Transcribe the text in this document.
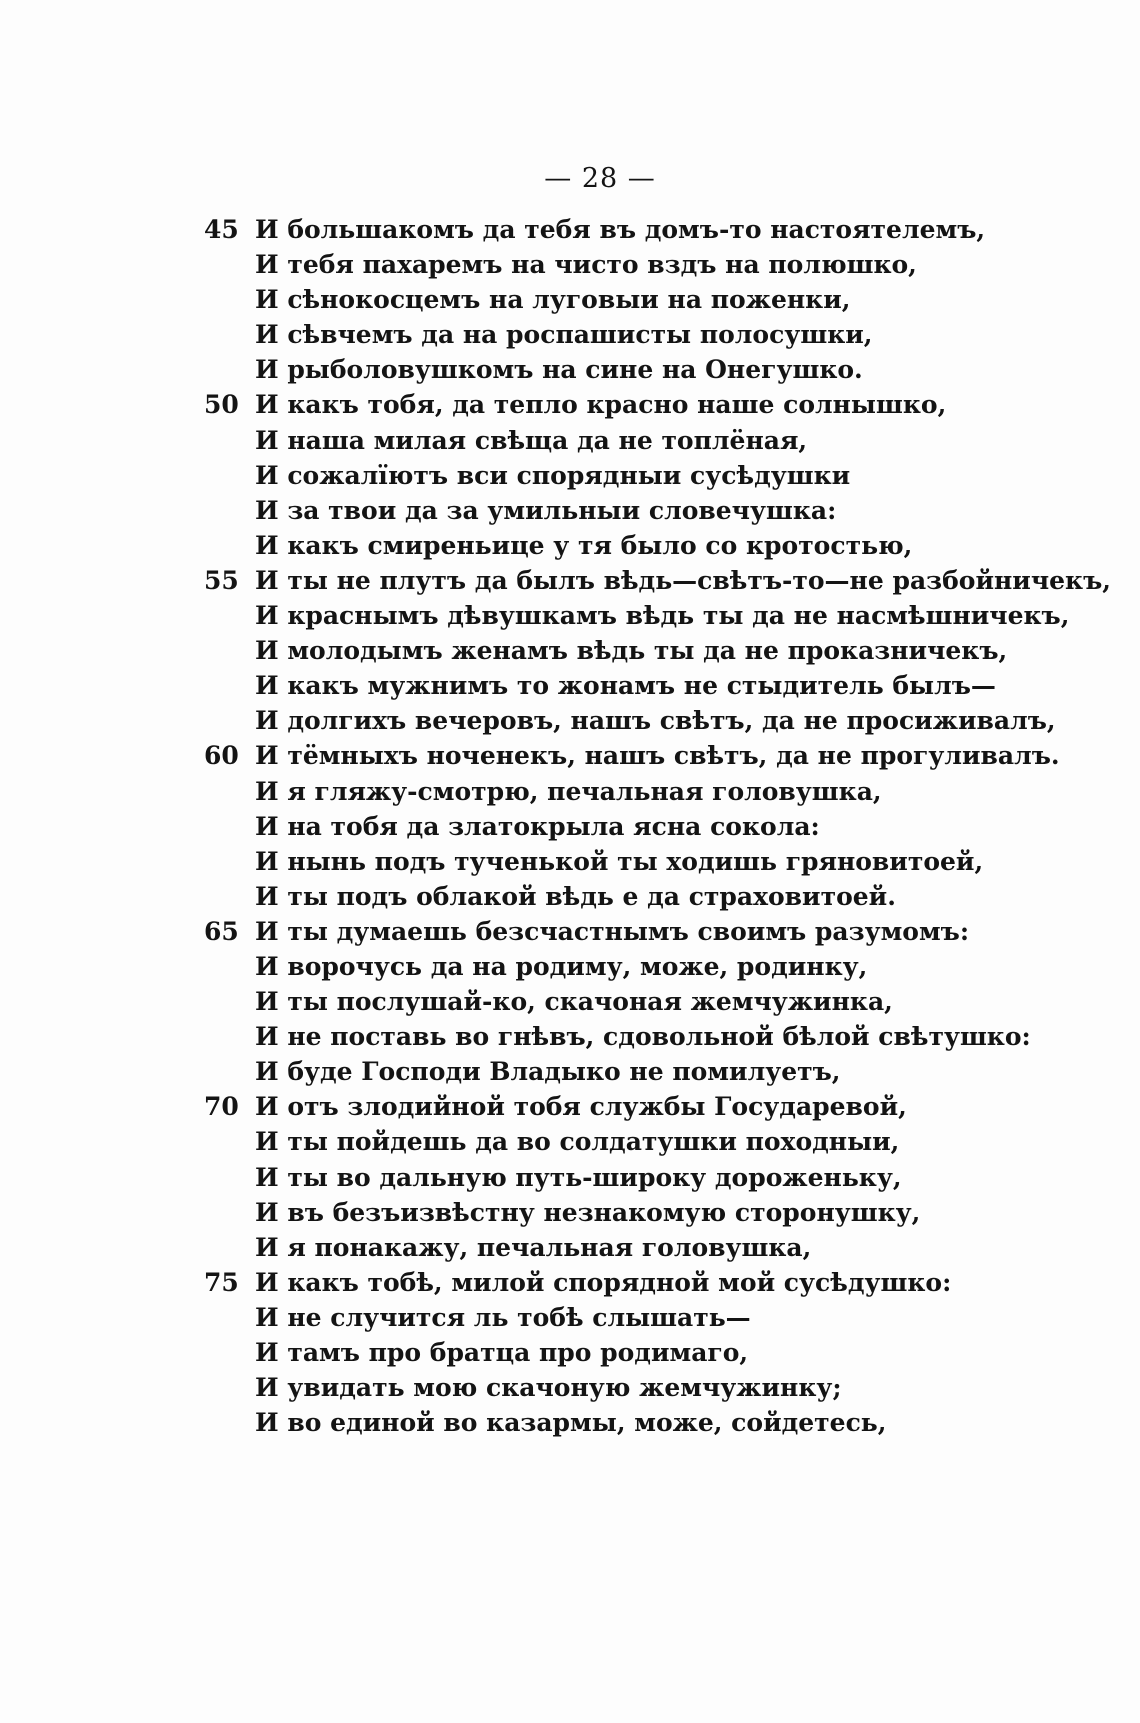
— 28 —
45 И большакомъ да тебя въ домъ-то настоятелемъ,
И тебя пахаремъ на чисто вздъ на полюшко,
И сѣнокосцемъ на луговыи на поженки,
И сѣвчемъ да на роспашисты полосушки,
И рыболовушкомъ на сине на Онегушко.
50 И какъ тобя, да тепло красно наше солнышко,
И наша милая свѣща да не топлёная,
И сожалїютъ вси спорядныи сусѣдушки
И за твои да за умильныи словечушка:
И какъ смиреньице у тя было со кротостью,
55 И ты не плутъ да былъ вѣдь—свѣтъ-то—не разбойничекъ,
И краснымъ дѣвушкамъ вѣдь ты да не насмѣшничекъ,
И молодымъ женамъ вѣдь ты да не проказничекъ,
И какъ мужнимъ то жонамъ не стыдитель былъ—
И долгихъ вечеровъ, нашъ свѣтъ, да не просиживалъ,
60 И тёмныхъ ноченекъ, нашъ свѣтъ, да не прогуливалъ.
И я гляжу-смотрю, печальная головушка,
И на тобя да златокрыла ясна сокола:
И нынь подъ тученькой ты ходишь гряновитоей,
И ты подъ облакой вѣдь е да страховитоей.
65 И ты думаешь безсчастнымъ своимъ разумомъ:
И ворочусь да на родиму, може, родинку,
И ты послушай-ко, скачоная жемчужинка,
И не поставь во гнѣвъ, сдовольной бѣлой свѣтушко:
И буде Господи Владыко не помилуетъ,
70 И отъ злодийной тобя службы Государевой,
И ты пойдешь да во солдатушки походныи,
И ты во дальную путь-широку дороженьку,
И въ безъизвѣстну незнакомую сторонушку,
И я понакажу, печальная головушка,
75 И какъ тобѣ, милой спорядной мой сусѣдушко:
И не случится ль тобѣ слышать—
И тамъ про братца про родимаго,
И увидать мою скачоную жемчужинку;
И во единой во казармы, може, сойдетесь,
